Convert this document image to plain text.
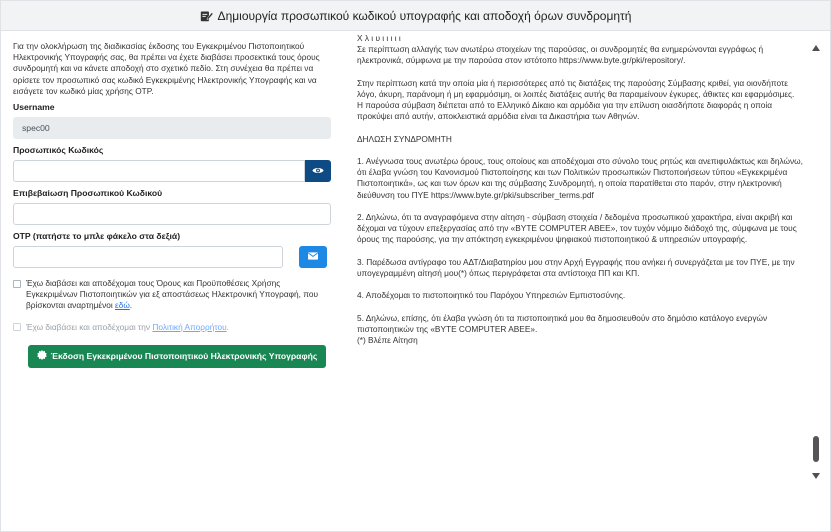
Δημιουργία προσωπικού κωδικού υπογραφής και αποδοχή όρων συνδρομητή
Για την ολοκλήρωση της διαδικασίας έκδοσης του Εγκεκριμένου Πιστοποιητικού Ηλεκτρονικής Υπογραφής σας, θα πρέπει να έχετε διαβάσει προσεκτικά τους όρους συνδρομητή και να κάνετε αποδοχή στο σχετικό πεδίο. Στη συνέχεια θα πρέπει να ορίσετε τον προσωπικό σας κωδικό Εγκεκριμένης Ηλεκτρονικής Υπογραφής και να εισάγετε τον κωδικό μίας χρήσης OTP.
Username
spec00
Προσωπικός Κωδικός
Επιβεβαίωση Προσωπικού Κωδικού
OTP (πατήστε το μπλε φάκελο στα δεξιά)
Έχω διαβάσει και αποδέχομαι τους Όρους και Προϋποθέσεις Χρήσης Εγκεκριμένων Πιστοποιητικών για εξ αποστάσεως Ηλεκτρονική Υπογραφή, που βρίσκονται αναρτημένοι εδώ.
Έχω διαβάσει και αποδέχομαι την Πολιτική Απορρήτου.
Έκδοση Εγκεκριμένου Πιστοποιητικού Ηλεκτρονικής Υπογραφής
Χ λ ι υ ι ι ι ι ι

Σε περίπτωση αλλαγής των ανωτέρω στοιχείων της παρούσας, οι συνδρομητές θα ενημερώνονται εγγράφως ή ηλεκτρονικά, σύμφωνα με την παρούσα στον ιστότοπο https://www.byte.gr/pki/repository/.

Στην περίπτωση κατά την οποία μία ή περισσότερες από τις διατάξεις της παρούσης Σύμβασης κριθεί, για οιονδήποτε λόγο, άκυρη, παράνομη ή μη εφαρμόσιμη, οι λοιπές διατάξεις αυτής θα παραμείνουν έγκυρες, άθικτες και εφαρμόσιμες.

Η παρούσα σύμβαση διέπεται από το Ελληνικό Δίκαιο και αρμόδια για την επίλυση οιασδήποτε διαφοράς η οποία προκύψει από αυτήν, αποκλειστικά αρμόδια είναι τα Δικαστήρια των Αθηνών.

ΔΗΛΩΣΗ ΣΥΝΔΡΟΜΗΤΗ

1. Ανέγνωσα τους ανωτέρω όρους, τους οποίους και αποδέχομαι στο σύνολο τους ρητώς και ανεπιφυλάκτως και δηλώνω, ότι έλαβα γνώση του Κανονισμού Πιστοποίησης και των Πολιτικών προσωπικών Πιστοποιήσεων τύπου «Εγκεκριμένα Πιστοποιητικά», ως και των όρων και της σύμβασης Συνδρομητή, η οποία παρατίθεται στο παρόν, στην ηλεκτρονική διεύθυνση του ΠΥΕ https://www.byte.gr/pki/subscriber_terms.pdf

2. Δηλώνω, ότι τα αναγραφόμενα στην αίτηση - σύμβαση στοιχεία / δεδομένα προσωπικού χαρακτήρα, είναι ακριβή και δέχομαι να τύχουν επεξεργασίας από την «BYTE COMPUTER ABEE», τον τυχόν νόμιμο διάδοχό της, σύμφωνα με τους όρους της παρούσης, για την απόκτηση εγκεκριμένου ψηφιακού πιστοποιητικού & υπηρεσιών υπογραφής.

3. Παρέδωσα αντίγραφο του ΑΔΤ/Διαβατηρίου μου στην Αρχή Εγγραφής που ανήκει ή συνεργάζεται με τον ΠΥΕ, με την υπογεγραμμένη αίτησή μου(*) όπως περιγράφεται στα αντίστοιχα ΠΠ και ΚΠ.

4. Αποδέχομαι το πιστοποιητικό του Παρόχου Υπηρεσιών Εμπιστοσύνης.

5. Δηλώνω, επίσης, ότι έλαβα γνώση ότι τα πιστοποιητικά μου θα δημοσιευθούν στο δημόσιο κατάλογο ενεργών πιστοποιητικών της «BYTE COMPUTER ABEE».

(*) Βλέπε Αίτηση
